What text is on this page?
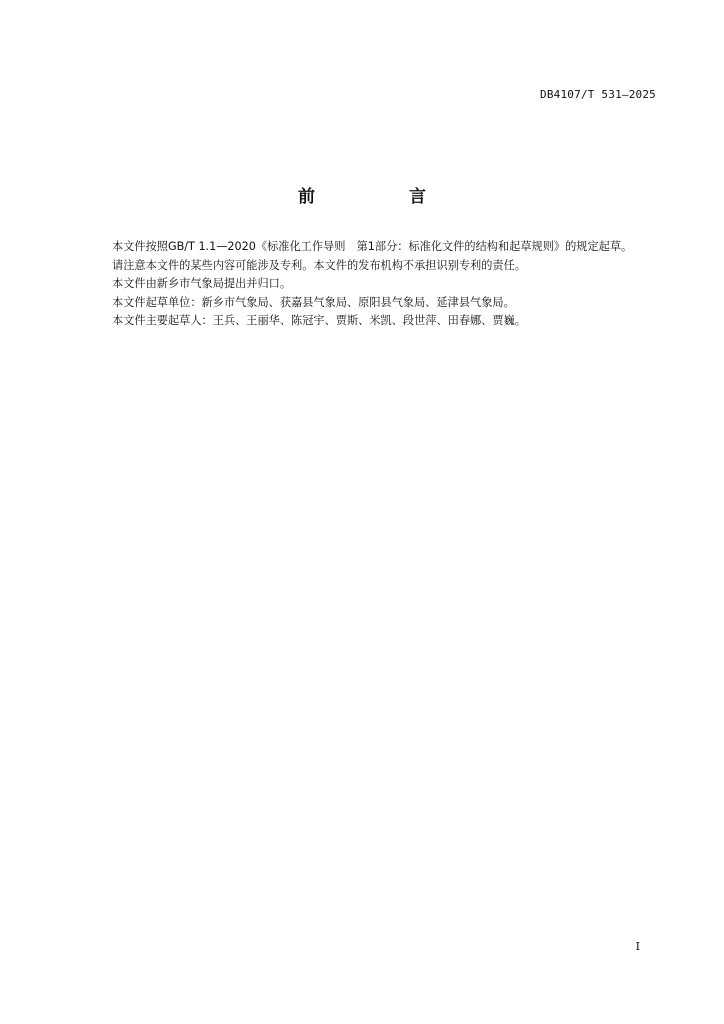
DB4107/T 531—2025
前 言

本文件按照GB/T 1.1—2020《标准化工作导则　第1部分：标准化文件的结构和起草规则》的规定起草。

请注意本文件的某些内容可能涉及专利。本文件的发布机构不承担识别专利的责任。

本文件由新乡市气象局提出并归口。

本文件起草单位：新乡市气象局、获嘉县气象局、原阳县气象局、延津县气象局。

本文件主要起草人：王兵、王丽华、陈冠宇、贾斯、米凯、段世萍、田春娜、贾巍。

I
